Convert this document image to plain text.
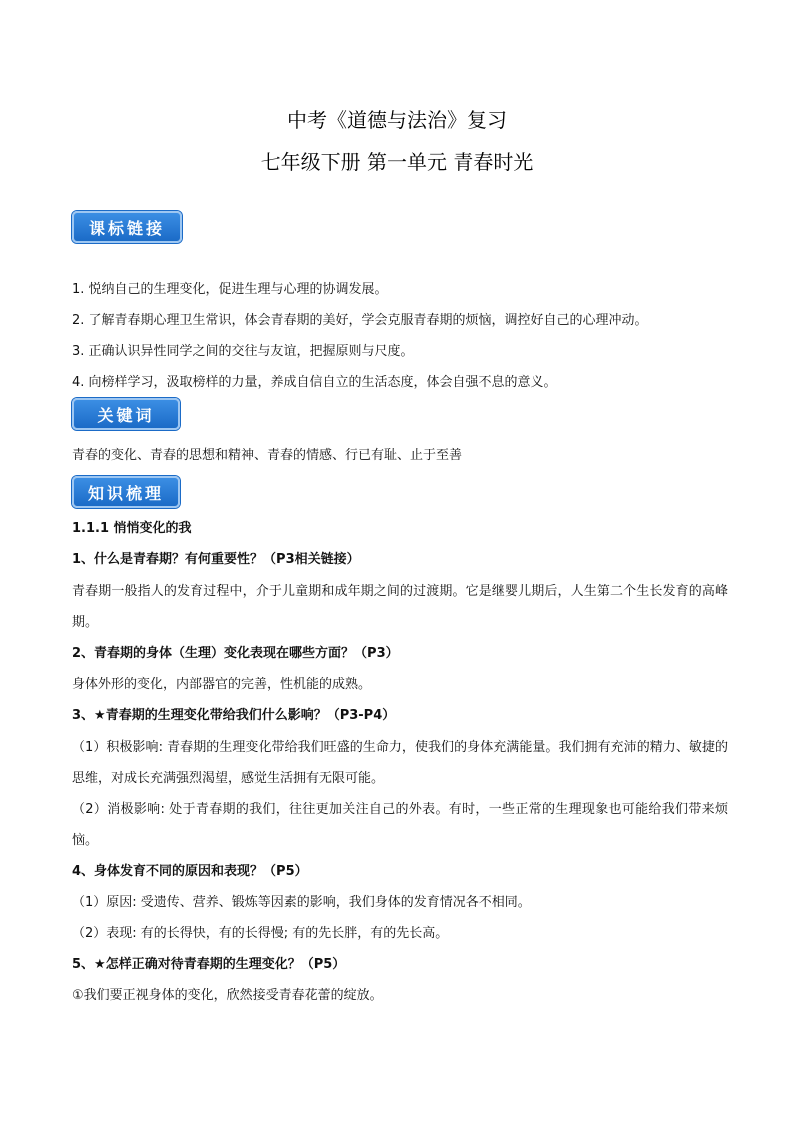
中考《道德与法治》复习
七年级下册 第一单元 青春时光
课标链接
1. 悦纳自己的生理变化，促进生理与心理的协调发展。
2. 了解青春期心理卫生常识，体会青春期的美好，学会克服青春期的烦恼，调控好自己的心理冲动。
3. 正确认识异性同学之间的交往与友谊，把握原则与尺度。
4. 向榜样学习，汲取榜样的力量，养成自信自立的生活态度，体会自强不息的意义。
关键词
青春的变化、青春的思想和精神、青春的情感、行已有耻、止于至善
知识梳理
1.1.1 悄悄变化的我
1、什么是青春期？有何重要性？（P3相关链接）
青春期一般指人的发育过程中，介于儿童期和成年期之间的过渡期。它是继婴儿期后，人生第二个生长发育的高峰期。
2、青春期的身体（生理）变化表现在哪些方面？（P3）
身体外形的变化，内部器官的完善，性机能的成熟。
3、★青春期的生理变化带给我们什么影响？（P3-P4）
（1）积极影响: 青春期的生理变化带给我们旺盛的生命力，使我们的身体充满能量。我们拥有充沛的精力、敏捷的思维，对成长充满强烈渴望，感觉生活拥有无限可能。
（2）消极影响: 处于青春期的我们，往往更加关注自己的外表。有时，一些正常的生理现象也可能给我们带来烦恼。
4、身体发育不同的原因和表现？（P5）
（1）原因: 受遗传、营养、锻炼等因素的影响，我们身体的发育情况各不相同。
（2）表现: 有的长得快，有的长得慢; 有的先长胖，有的先长高。
5、★怎样正确对待青春期的生理变化？（P5）
①我们要正视身体的变化，欣然接受青春花蕾的绽放。
